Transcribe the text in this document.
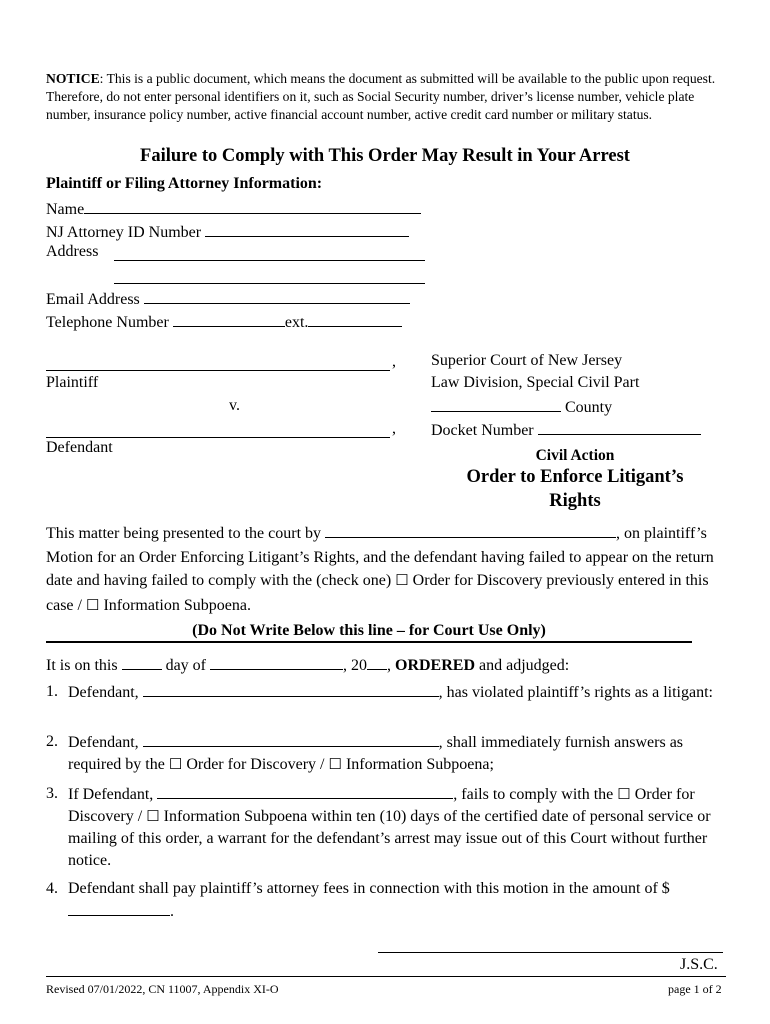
NOTICE: This is a public document, which means the document as submitted will be available to the public upon request. Therefore, do not enter personal identifiers on it, such as Social Security number, driver’s license number, vehicle plate number, insurance policy number, active financial account number, active credit card number or military status.
Failure to Comply with This Order May Result in Your Arrest
Plaintiff or Filing Attorney Information:
Name
NJ Attorney ID Number
Address
Email Address
Telephone Number	ext.
,
Plaintiff
v.
,
Defendant
Superior Court of New Jersey
Law Division, Special Civil Part
County
Docket Number
Civil Action
Order to Enforce Litigant’s
Rights
This matter being presented to the court by	, on plaintiff’s Motion for an Order Enforcing Litigant’s Rights, and the defendant having failed to appear on the return date and having failed to comply with the (check one) ☐ Order for Discovery previously entered in this case / ☐ Information Subpoena.
(Do Not Write Below this line – for Court Use Only)
It is on this	day of	, 20 , ORDERED and adjudged:
1. Defendant,	, has violated plaintiff’s rights as a litigant:
2. Defendant,	, shall immediately furnish answers as required by the ☐ Order for Discovery / ☐ Information Subpoena;
3. If Defendant,	, fails to comply with the ☐ Order for Discovery / ☐ Information Subpoena within ten (10) days of the certified date of personal service or mailing of this order, a warrant for the defendant’s arrest may issue out of this Court without further notice.
4. Defendant shall pay plaintiff’s attorney fees in connection with this motion in the amount of $ .
J.S.C.
Revised 07/01/2022, CN 11007, Appendix XI-O	page 1 of 2
